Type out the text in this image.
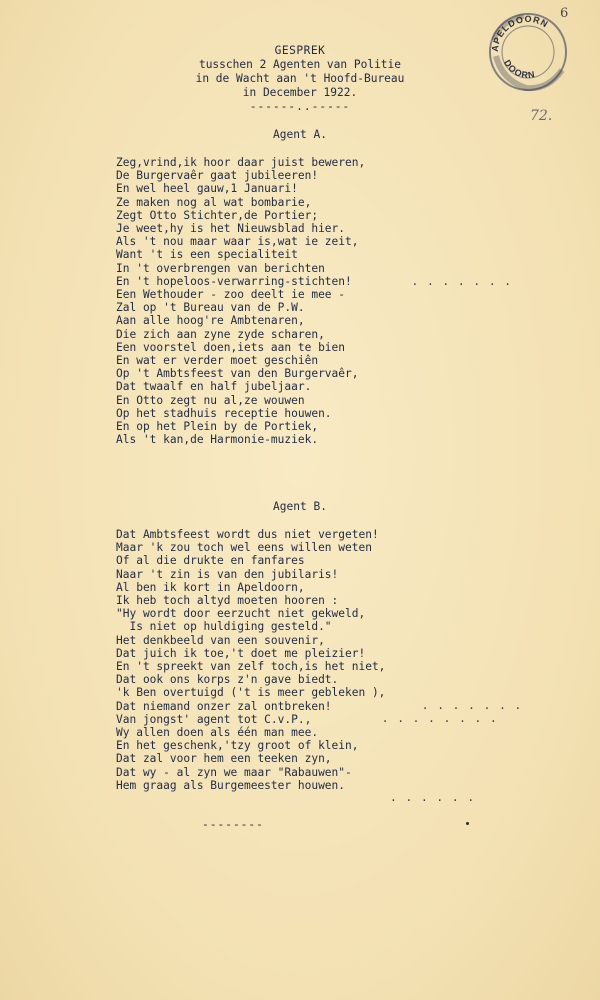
APELDOORN
DOORN
6
72.
GESPREK
tusschen 2 Agenten van Politie
in de Wacht aan 't Hoofd-Bureau
in December 1922.
------..-----
Agent A.
Zeg,vrind,ik hoor daar juist beweren,
De Burgervaêr gaat jubileeren!
En wel heel gauw,1 Januari!
Ze maken nog al wat bombarie,
Zegt Otto Stichter,de Portier;
Je weet,hy is het Nieuwsblad hier.
Als 't nou maar waar is,wat ie zeit,
Want 't is een specialiteit
In 't overbrengen van berichten
En 't hopeloos-verwarring-stichten!
Een Wethouder - zoo deelt ie mee -
Zal op 't Bureau van de P.W.
Aan alle hoog're Ambtenaren,
Die zich aan zyne zyde scharen,
Een voorstel doen,iets aan te bien
En wat er verder moet geschiên
Op 't Ambtsfeest van den Burgervaêr,
Dat twaalf en half jubeljaar.
En Otto zegt nu al,ze wouwen
Op het stadhuis receptie houwen.
En op het Plein by de Portiek,
Als 't kan,de Harmonie-muziek.
. . . . . . .
Agent B.
Dat Ambtsfeest wordt dus niet vergeten!
Maar 'k zou toch wel eens willen weten
Of al die drukte en fanfares
Naar 't zin is van den jubilaris!
Al ben ik kort in Apeldoorn,
Ik heb toch altyd moeten hooren :
"Hy wordt door eerzucht niet gekweld,
Is niet op huldiging gesteld."
Het denkbeeld van een souvenir,
Dat juich ik toe,'t doet me pleizier!
En 't spreekt van zelf toch,is het niet,
Dat ook ons korps z'n gave biedt.
'k Ben overtuigd ('t is meer gebleken ),
Dat niemand onzer zal ontbreken!
Van jongst' agent tot C.v.P.,
Wy allen doen als één man mee.
En het geschenk,'tzy groot of klein,
Dat zal voor hem een teeken zyn,
Dat wy - al zyn we maar "Rabauwen"-
Hem graag als Burgemeester houwen.
. . . . . . .
. . . . . . . .
. . . . . .
--------
